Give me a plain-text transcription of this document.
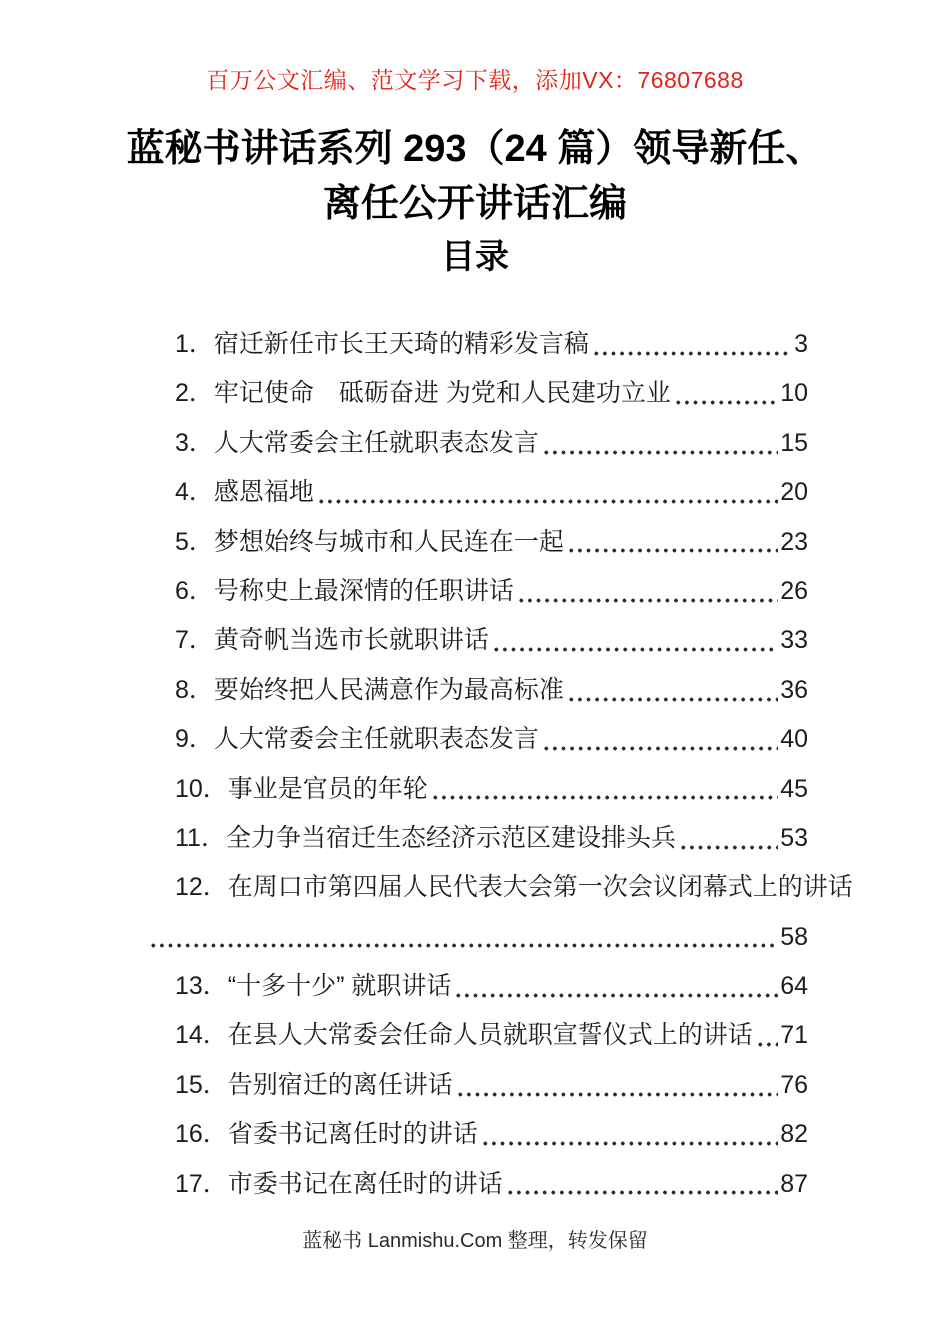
百万公文汇编、范文学习下载，添加VX：76807688
蓝秘书讲话系列 293（24 篇）领导新任、
离任公开讲话汇编
目录
1．宿迁新任市长王天琦的精彩发言稿	3
2．牢记使命　砥砺奋进 为党和人民建功立业	10
3．人大常委会主任就职表态发言	15
4．感恩福地	20
5．梦想始终与城市和人民连在一起	23
6．号称史上最深情的任职讲话	26
7．黄奇帆当选市长就职讲话	33
8．要始终把人民满意作为最高标准	36
9．人大常委会主任就职表态发言	40
10．事业是官员的年轮	45
11．全力争当宿迁生态经济示范区建设排头兵	53
12．在周口市第四届人民代表大会第一次会议闭幕式上的讲话
58
13．“十多十少” 就职讲话	64
14．在县人大常委会任命人员就职宣誓仪式上的讲话 71
15．告别宿迁的离任讲话	76
16．省委书记离任时的讲话	82
17．市委书记在离任时的讲话	87
蓝秘书 Lanmishu.Com 整理，转发保留
